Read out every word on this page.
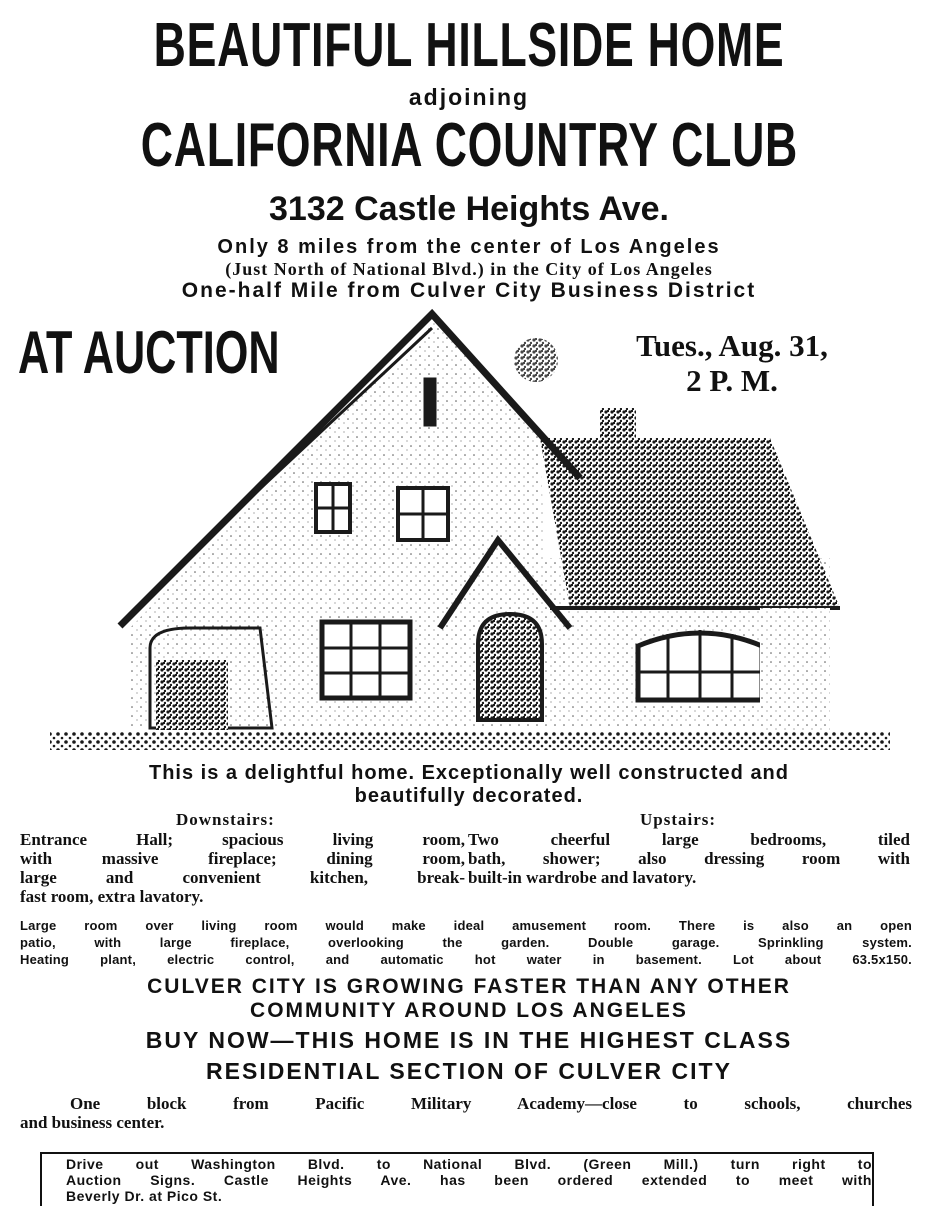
BEAUTIFUL HILLSIDE HOME
adjoining
CALIFORNIA COUNTRY CLUB
3132 Castle Heights Ave.
Only 8 miles from the center of Los Angeles
(Just North of National Blvd.) in the City of Los Angeles
One-half Mile from Culver City Business District
AT AUCTION	Tues., Aug. 31,
2 P. M.
This is a delightful home. Exceptionally well constructed and
beautifully decorated.
Downstairs:	Upstairs:
Entrance Hall; spacious living room,
with massive fireplace; dining room,
large and convenient kitchen, break-
fast room, extra lavatory.
Two cheerful large bedrooms, tiled
bath, shower; also dressing room with
built-in wardrobe and lavatory.
Large room over living room would make ideal amusement room. There is also an open
patio, with large fireplace, overlooking the garden. Double garage. Sprinkling system.
Heating plant, electric control, and automatic hot water in basement. Lot about 63.5x150.
CULVER CITY IS GROWING FASTER THAN ANY OTHER
COMMUNITY AROUND LOS ANGELES
BUY NOW—THIS HOME IS IN THE HIGHEST CLASS
RESIDENTIAL SECTION OF CULVER CITY
One block from Pacific Military Academy—close to schools, churches
and business center.
Drive out Washington Blvd. to National Blvd. (Green Mill.) turn right to
Auction Signs. Castle Heights Ave. has been ordered extended to meet with
Beverly Dr. at Pico St.
